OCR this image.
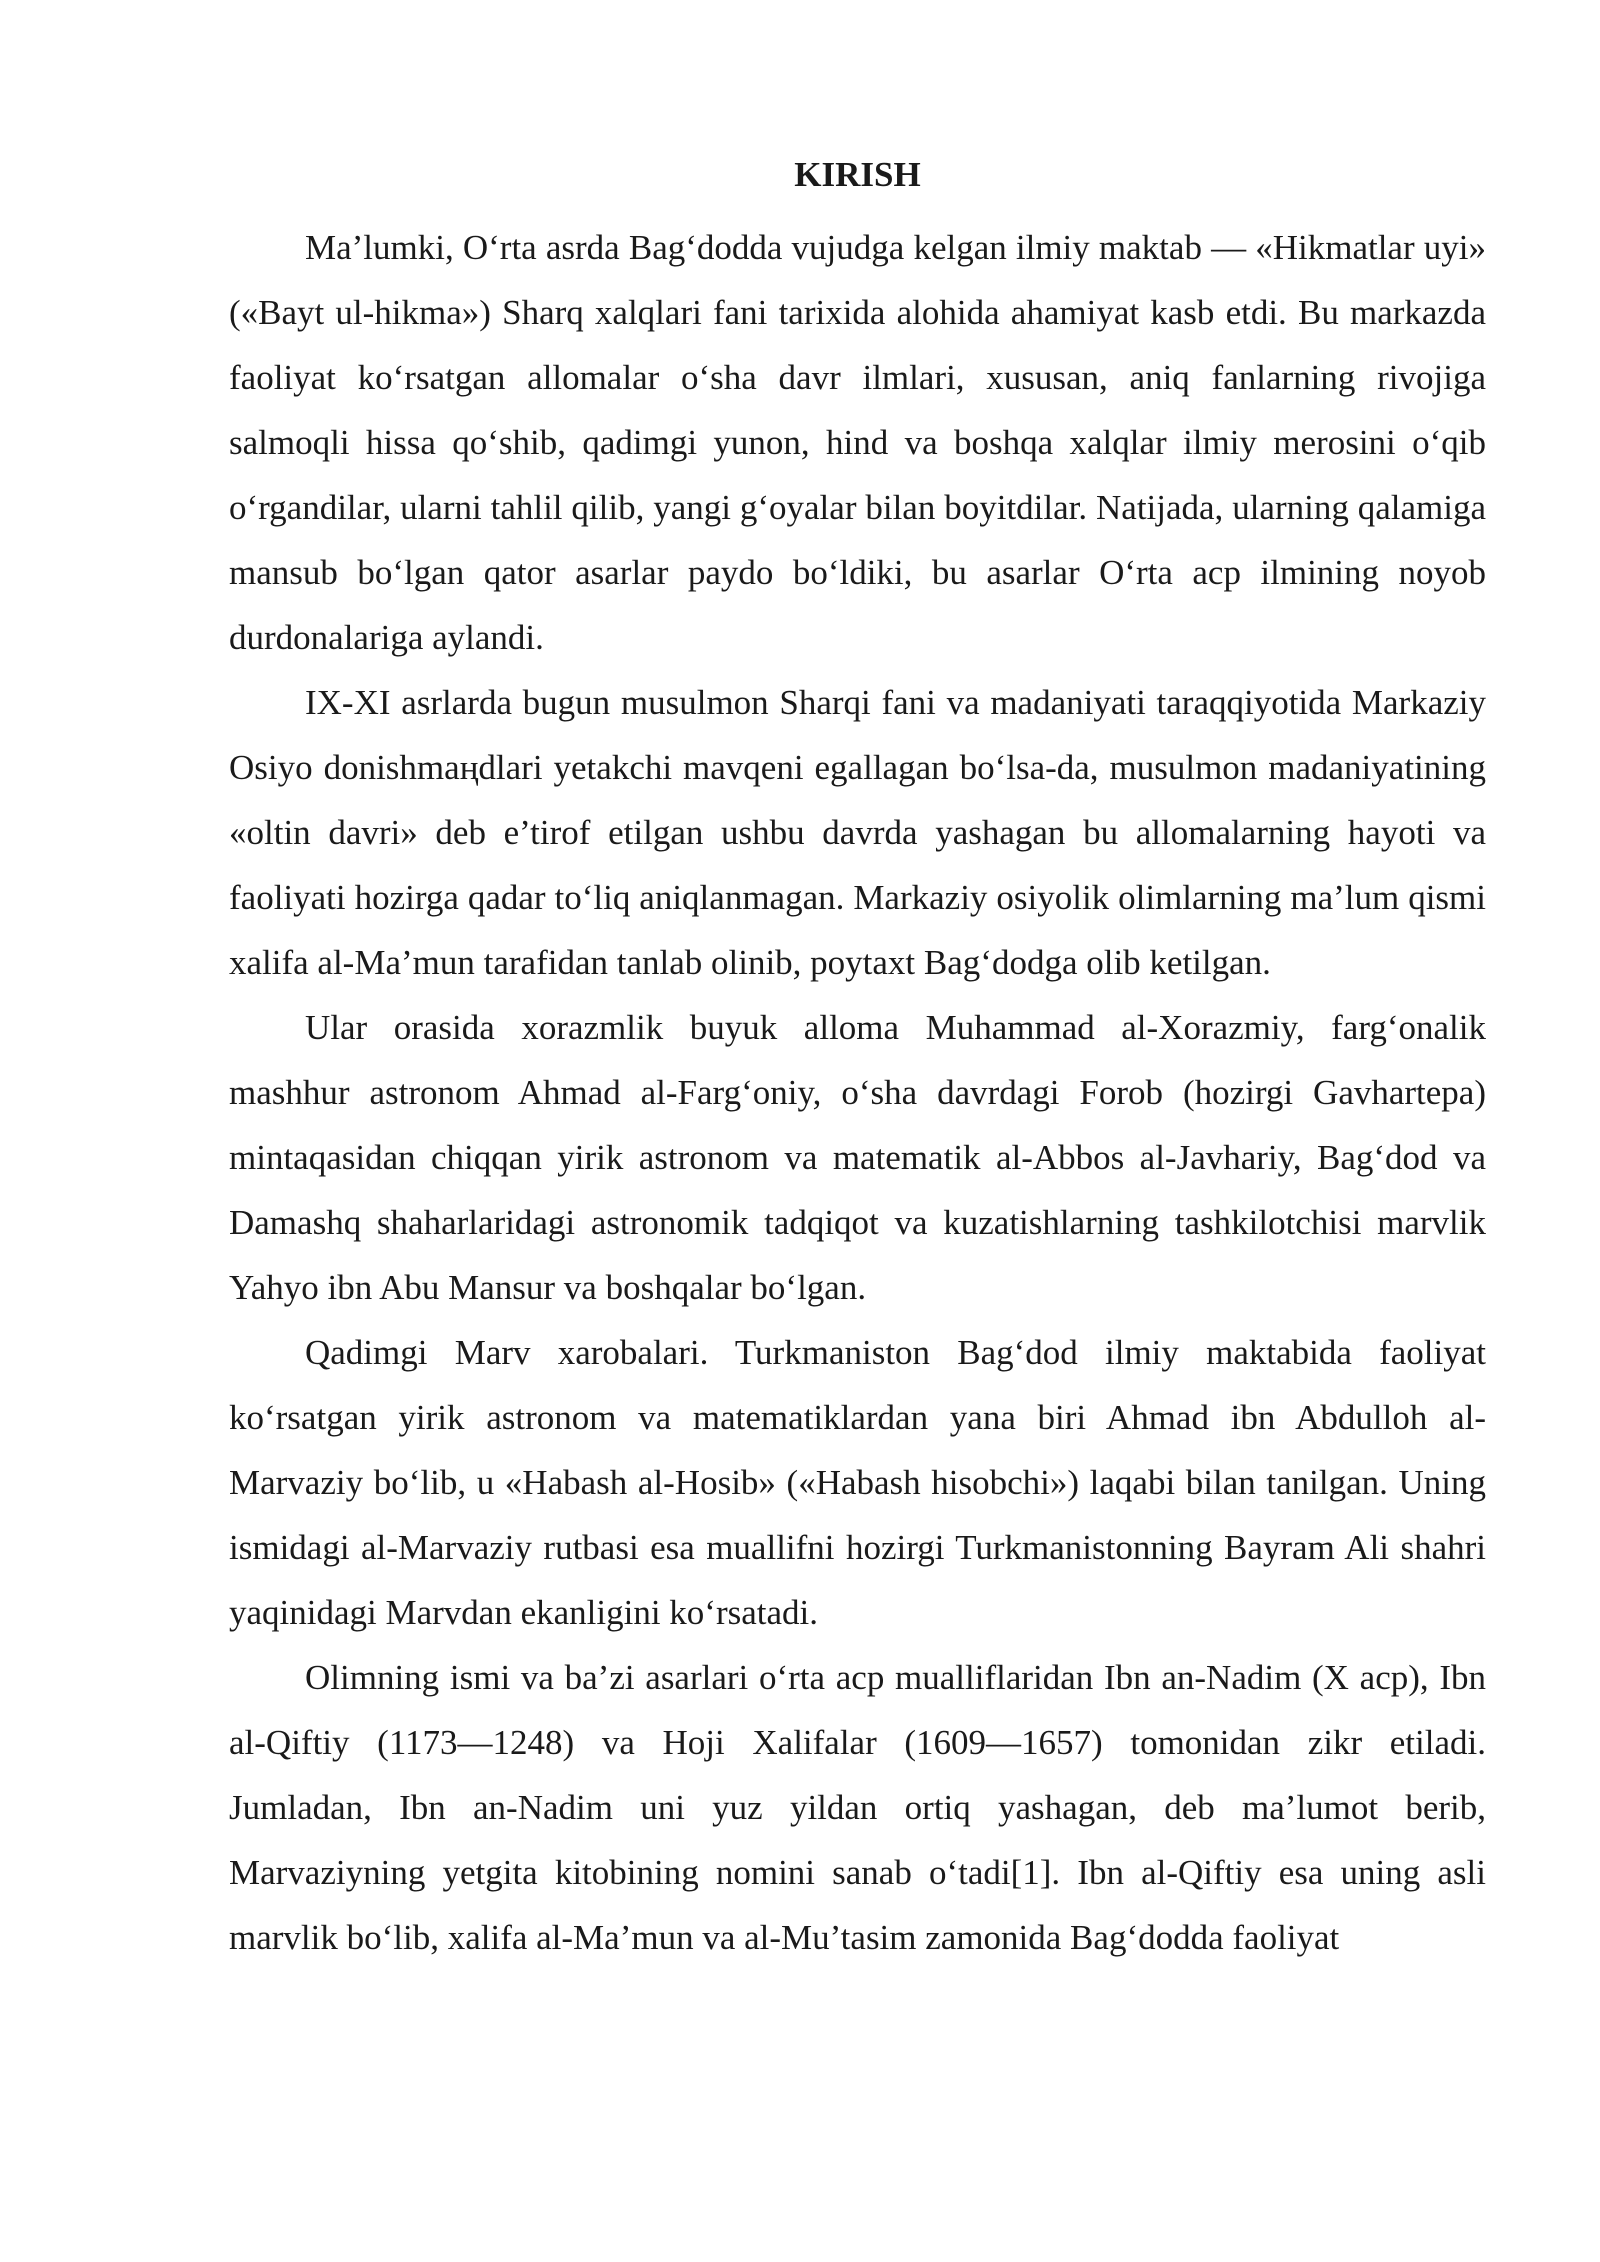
KIRISH

Ma’lumki, O‘rta asrda Bag‘dodda vujudga kelgan ilmiy maktab — «Hikmatlar uyi» («Bayt ul-hikma») Sharq xalqlari fani tarixida alohida ahamiyat kasb etdi. Bu markazda faoliyat ko‘rsatgan allomalar o‘sha davr ilmlari, xususan, aniq fanlarning rivojiga salmoqli hissa qo‘shib, qadimgi yunon, hind va boshqa xalqlar ilmiy merosini o‘qib o‘rgandilar, ularni tahlil qilib, yangi g‘oyalar bilan boyitdilar. Natijada, ularning qalamiga mansub bo‘lgan qator asarlar paydo bo‘ldiki, bu asarlar O‘rta acp ilmining noyob durdonalariga aylandi.

IX-XI asrlarda bugun musulmon Sharqi fani va madaniyati taraqqiyotida Markaziy Osiyo donishmaңdlari yetakchi mavqeni egallagan bo‘lsa-da, musulmon madaniyatining «oltin davri» deb e’tirof etilgan ushbu davrda yashagan bu allomalarning hayoti va faoliyati hozirga qadar to‘liq aniqlanmagan. Markaziy osiyolik olimlarning ma’lum qismi xalifa al-Ma’mun tarafidan tanlab olinib, poytaxt Bag‘dodga olib ketilgan.

Ular orasida xorazmlik buyuk alloma Muhammad al-Xorazmiy, farg‘onalik mashhur astronom Ahmad al-Farg‘oniy, o‘sha davrdagi Forob (hozirgi Gavhartepa) mintaqasidan chiqqan yirik astronom va matematik al-Abbos al-Javhariy, Bag‘dod va Damashq shaharlaridagi astronomik tadqiqot va kuzatishlarning tashkilotchisi marvlik Yahyo ibn Abu Mansur va boshqalar bo‘lgan.

Qadimgi Marv xarobalari. Turkmaniston Bag‘dod ilmiy maktabida faoliyat ko‘rsatgan yirik astronom va matematiklardan yana biri Ahmad ibn Abdulloh al-Marvaziy bo‘lib, u «Habash al-Hosib» («Habash hisobchi») laqabi bilan tanilgan. Uning ismidagi al-Marvaziy rutbasi esa muallifni hozirgi Turkmanistonning Bayram Ali shahri yaqinidagi Marvdan ekanligini ko‘rsatadi.

Olimning ismi va ba’zi asarlari o‘rta acp mualliflaridan Ibn an-Nadim (X acp), Ibn al-Qiftiy (1173—1248) va Hoji Xalifalar (1609—1657) tomonidan zikr etiladi. Jumladan, Ibn an-Nadim uni yuz yildan ortiq yashagan, deb ma’lumot berib, Marvaziyning yetgita kitobining nomini sanab o‘tadi[1]. Ibn al-Qiftiy esa uning asli marvlik bo‘lib, xalifa al-Ma’mun va al-Mu’tasim zamonida Bag‘dodda faoliyat
